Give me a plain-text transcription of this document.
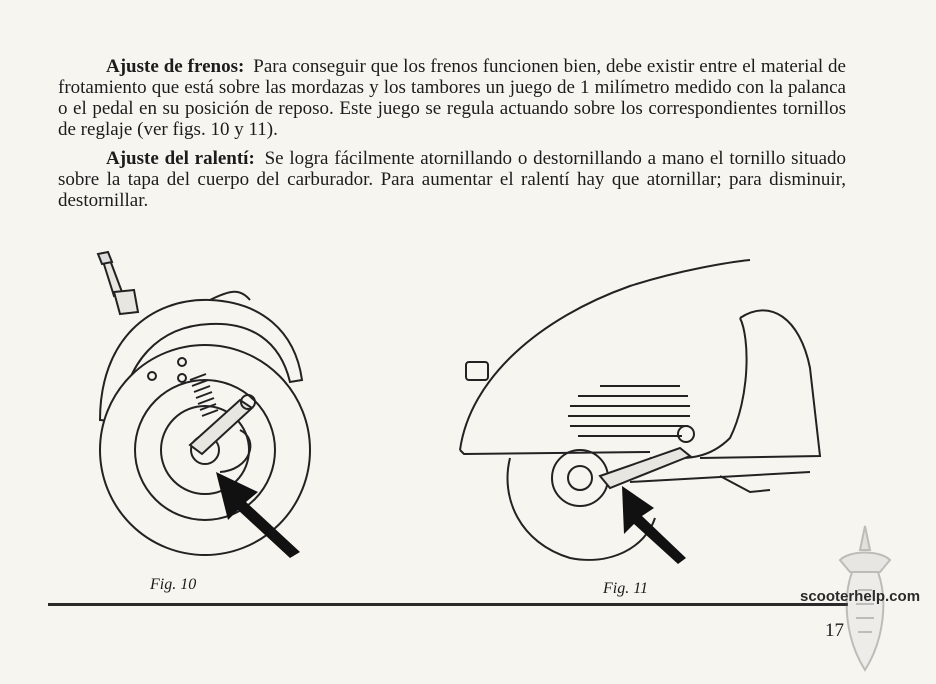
Ajuste de frenos: Para conseguir que los frenos funcionen bien, debe existir entre el material de frotamiento que está sobre las mordazas y los tambores un juego de 1 milímetro medido con la palanca o el pedal en su posición de reposo. Este juego se regula actuando sobre los correspondientes tornillos de reglaje (ver figs. 10 y 11).

Ajuste del ralentí: Se logra fácilmente atornillando o destornillando a mano el tornillo situado sobre la tapa del cuerpo del carburador. Para aumentar el ralentí hay que atornillar; para disminuir, destornillar.

Fig. 10	Fig. 11
17
scooterhelp.com
